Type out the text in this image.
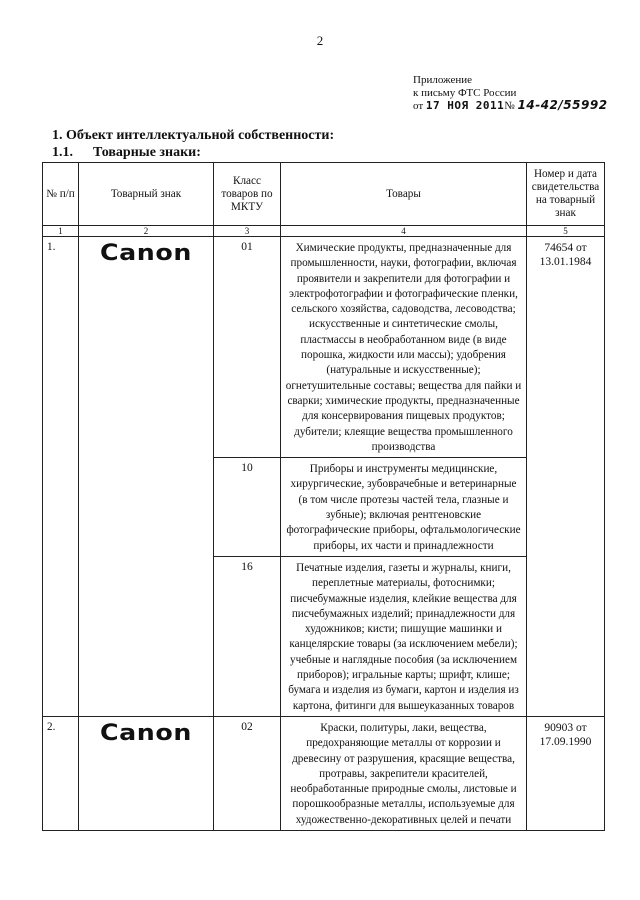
2
Приложение
к письму ФТС России
от 17 НОЯ 2011№ 14-42/55992
1. Объект интеллектуальной собственности:
1.1. Товарные знаки:
№ п/п	Товарный знак	Класс товаров по МКТУ	Товары	Номер и дата свидетельства на товарный знак
1	2	3	4	5
1.	Canon	01	Химические продукты, предназначенные для промышленности, науки, фотографии, включая проявители и закрепители для фотографии и электрофотографии и фотографические пленки, сельского хозяйства, садоводства, лесоводства; искусственные и синтетические смолы, пластмассы в необработанном виде (в виде порошка, жидкости или массы); удобрения (натуральные и искусственные); огнетушительные составы; вещества для пайки и сварки; химические продукты, предназначенные для консервирования пищевых продуктов; дубители; клеящие вещества промышленного производства	74654 от 13.01.1984
		10	Приборы и инструменты медицинские, хирургические, зубоврачебные и ветеринарные (в том числе протезы частей тела, глазные и зубные); включая рентгеновские фотографические приборы, офтальмологические приборы, их части и принадлежности	
		16	Печатные изделия, газеты и журналы, книги, переплетные материалы, фотоснимки; писчебумажные изделия, клейкие вещества для писчебумажных изделий; принадлежности для художников; кисти; пишущие машинки и канцелярские товары (за исключением мебели); учебные и наглядные пособия (за исключением приборов); игральные карты; шрифт, клише; бумага и изделия из бумаги, картон и изделия из картона, фитинги для вышеуказанных товаров	
2.	Canon	02	Краски, политуры, лаки, вещества, предохраняющие металлы от коррозии и древесину от разрушения, красящие вещества, протравы, закрепители красителей, необработанные природные смолы, листовые и порошкообразные металлы, используемые для художественно-декоративных целей и печати	90903 от 17.09.1990
